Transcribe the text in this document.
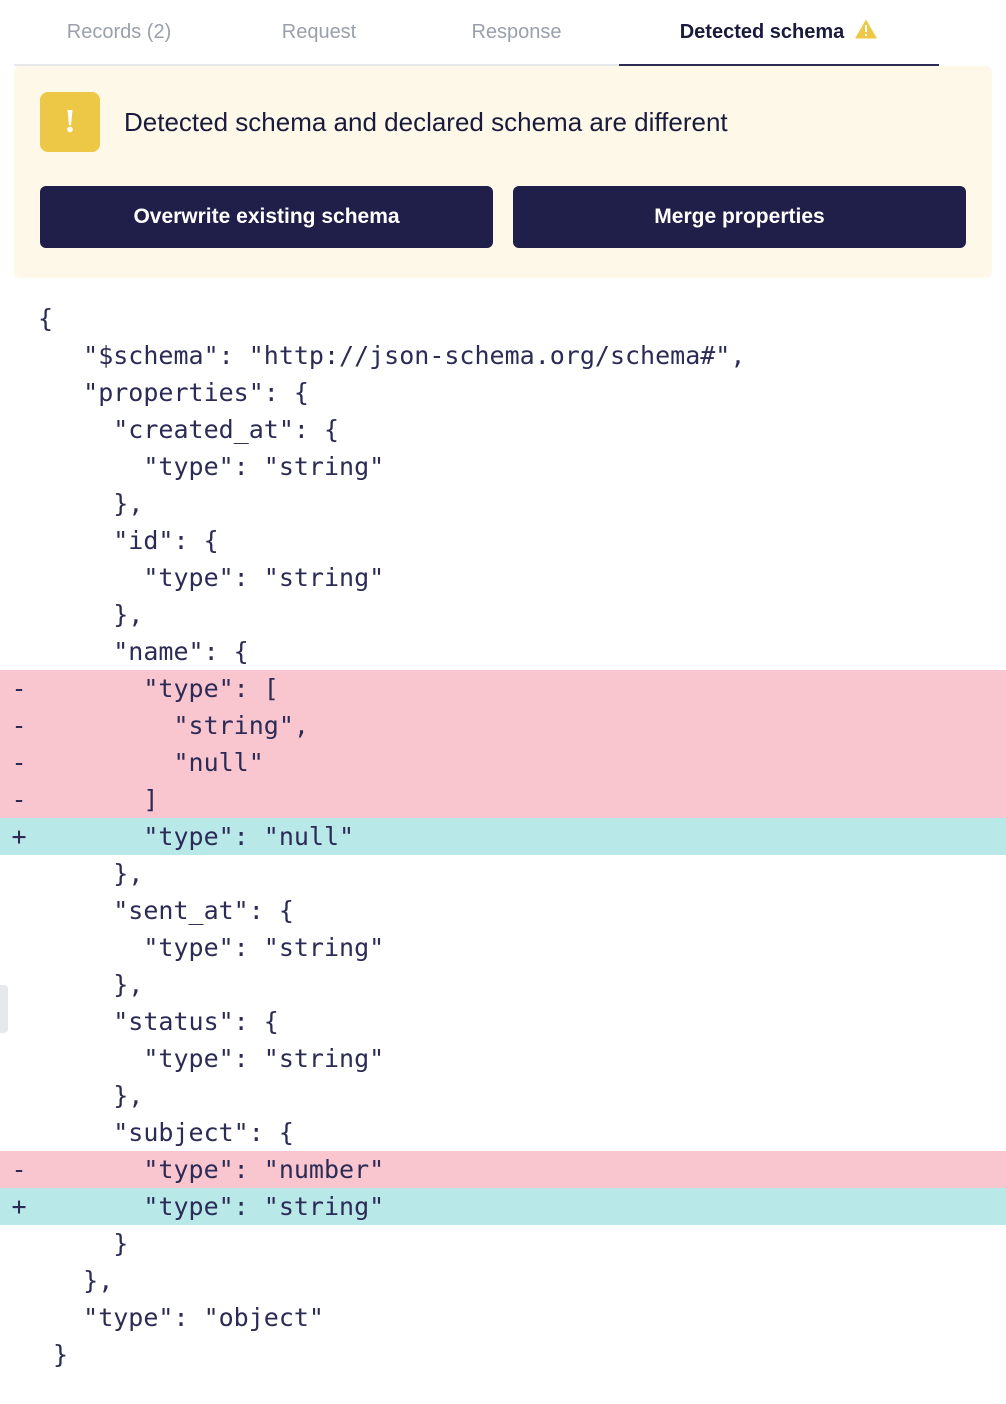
Records (2)	Request	Response	Detected schema
! Detected schema and declared schema are different
Overwrite existing schema	Merge properties
{
"$schema": "http://json-schema.org/schema#",
"properties": {
"created_at": {
"type": "string"
},
"id": {
"type": "string"
},
"name": {
- "type": [
- "string",
- "null"
- ]
+ "type": "null"
},
"sent_at": {
"type": "string"
},
"status": {
"type": "string"
},
"subject": {
- "type": "number"
+ "type": "string"
}
},
"type": "object"
}
